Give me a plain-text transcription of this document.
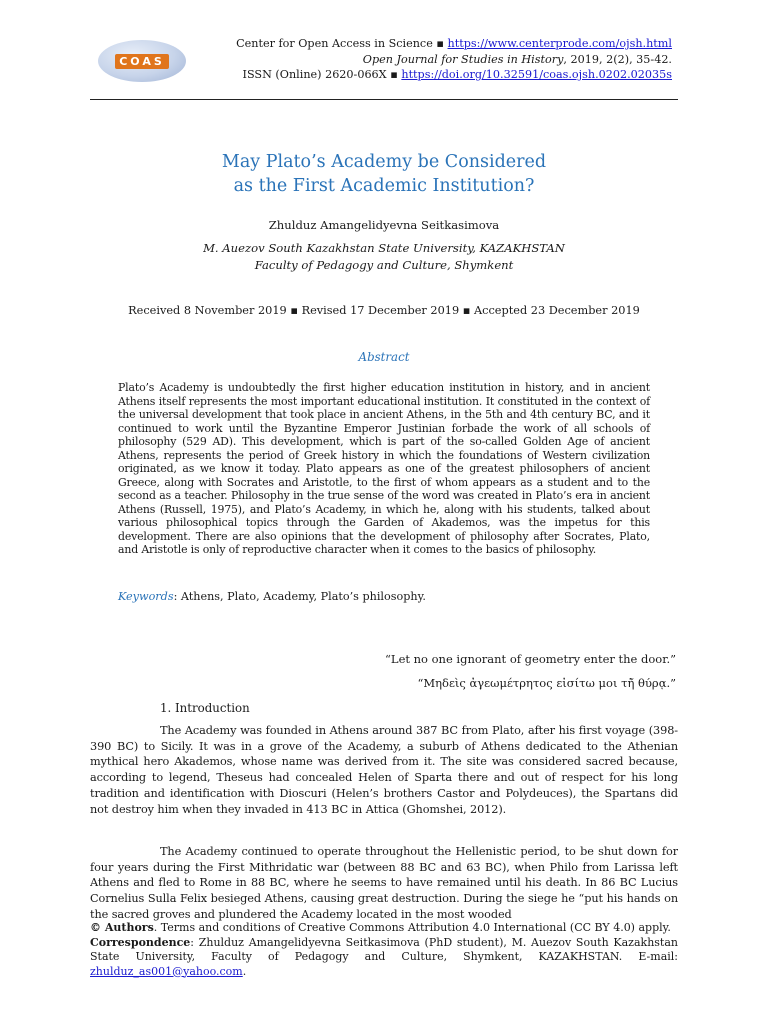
COAS
Center for Open Access in Science ▪ https://www.centerprode.com/ojsh.html
Open Journal for Studies in History, 2019, 2(2), 35-42.
ISSN (Online) 2620-066X ▪ https://doi.org/10.32591/coas.ojsh.0202.02035s
May Plato’s Academy be Considered
as the First Academic Institution?
Zhulduz Amangelidyevna Seitkasimova
M. Auezov South Kazakhstan State University, KAZAKHSTAN
Faculty of Pedagogy and Culture, Shymkent
Received 8 November 2019 ▪ Revised 17 December 2019 ▪ Accepted 23 December 2019
Abstract
Plato’s Academy is undoubtedly the first higher education institution in history, and in ancient Athens itself represents the most important educational institution. It constituted in the context of the universal development that took place in ancient Athens, in the 5th and 4th century BC, and it continued to work until the Byzantine Emperor Justinian forbade the work of all schools of philosophy (529 AD). This development, which is part of the so-called Golden Age of ancient Athens, represents the period of Greek history in which the foundations of Western civilization originated, as we know it today. Plato appears as one of the greatest philosophers of ancient Greece, along with Socrates and Aristotle, to the first of whom appears as a student and to the second as a teacher. Philosophy in the true sense of the word was created in Plato’s era in ancient Athens (Russell, 1975), and Plato’s Academy, in which he, along with his students, talked about various philosophical topics through the Garden of Akademos, was the impetus for this development. There are also opinions that the development of philosophy after Socrates, Plato, and Aristotle is only of reproductive character when it comes to the basics of philosophy.
Keywords: Athens, Plato, Academy, Plato’s philosophy.
“Let no one ignorant of geometry enter the door.”
“Μηδεὶς ἀγεωμέτρητος εἰσίτω μοι τὴ̃ θύρᾳ.”
1. Introduction
The Academy was founded in Athens around 387 BC from Plato, after his first voyage (398-390 BC) to Sicily. It was in a grove of the Academy, a suburb of Athens dedicated to the Athenian mythical hero Akademos, whose name was derived from it. The site was considered sacred because, according to legend, Theseus had concealed Helen of Sparta there and out of respect for his long tradition and identification with Dioscuri (Helen’s brothers Castor and Polydeuces), the Spartans did not destroy him when they invaded in 413 BC in Attica (Ghomshei, 2012).
The Academy continued to operate throughout the Hellenistic period, to be shut down for four years during the First Mithridatic war (between 88 BC and 63 BC), when Philo from Larissa left Athens and fled to Rome in 88 BC, where he seems to have remained until his death. In 86 BC Lucius Cornelius Sulla Felix besieged Athens, causing great destruction. During the siege he “put his hands on the sacred groves and plundered the Academy located in the most wooded
© Authors. Terms and conditions of Creative Commons Attribution 4.0 International (CC BY 4.0) apply.
Correspondence: Zhulduz Amangelidyevna Seitkasimova (PhD student), M. Auezov South Kazakhstan State University, Faculty of Pedagogy and Culture, Shymkent, KAZAKHSTAN. E-mail: zhulduz_as001@yahoo.com.
